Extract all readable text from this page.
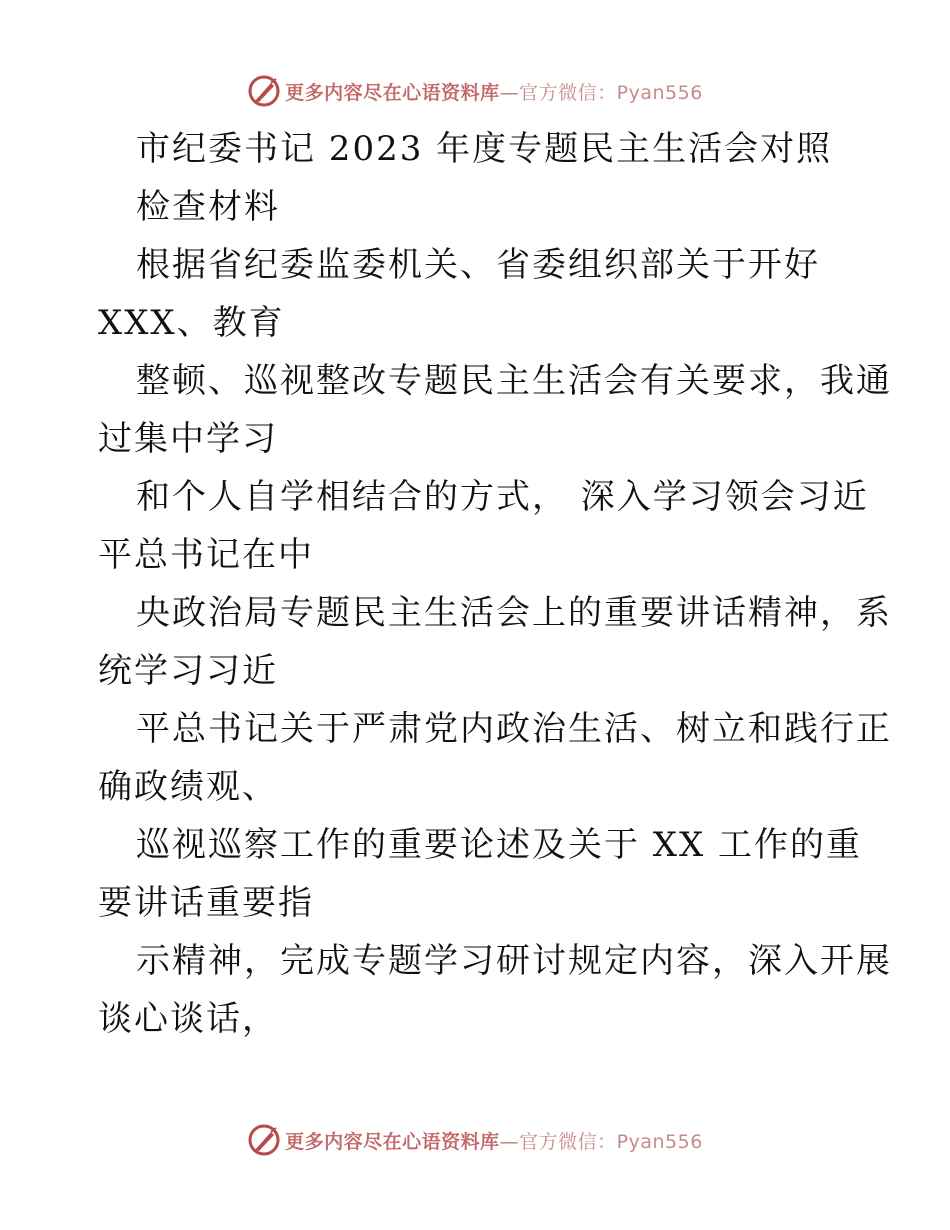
更多内容尽在心语资料库—官方微信：Pyan556
市纪委书记 2023 年度专题民主生活会对照
检查材料
根据省纪委监委机关、省委组织部关于开好
XXX、教育
整顿、巡视整改专题民主生活会有关要求，我通
过集中学习
和个人自学相结合的方式， 深入学习领会习近
平总书记在中
央政治局专题民主生活会上的重要讲话精神，系
统学习习近
平总书记关于严肃党内政治生活、树立和践行正
确政绩观、
巡视巡察工作的重要论述及关于 XX 工作的重
要讲话重要指
示精神，完成专题学习研讨规定内容，深入开展
谈心谈话，
更多内容尽在心语资料库—官方微信：Pyan556
